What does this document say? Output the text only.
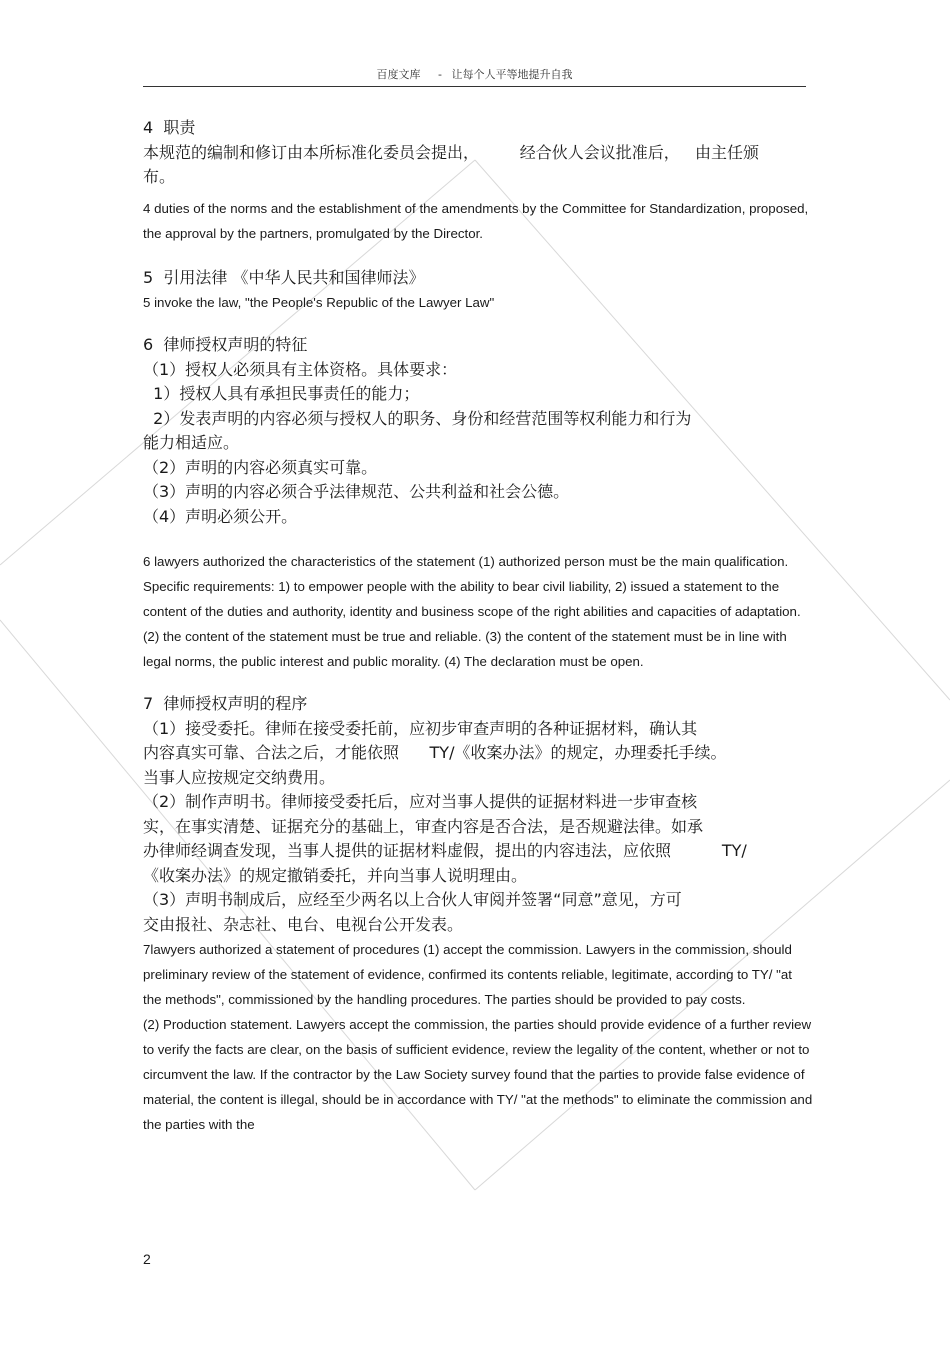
百度文库 - 让每个人平等地提升自我

4  职责

本规范的编制和修订由本所标准化委员会提出，        经合伙人会议批准后，   由主任颁

布。

4 duties of the norms and the establishment of the amendments by the Committee for Standardization, proposed, the approval by the partners, promulgated by the Director.

5  引用法律 《中华人民共和国律师法》

5 invoke the law, "the People's Republic of the Lawyer Law"

6  律师授权声明的特征

（1）授权人必须具有主体资格。具体要求：

1）授权人具有承担民事责任的能力；

2）发表声明的内容必须与授权人的职务、身份和经营范围等权利能力和行为

能力相适应。

（2）声明的内容必须真实可靠。

（3）声明的内容必须合乎法律规范、公共利益和社会公德。

（4）声明必须公开。

6 lawyers authorized the characteristics of the statement (1) authorized person must be the main qualification. Specific requirements: 1) to empower people with the ability to bear civil liability, 2) issued a statement to the content of the duties and authority, identity and business scope of the right abilities and capacities of adaptation. (2) the content of the statement must be true and reliable. (3) the content of the statement must be in line with legal norms, the public interest and public morality. (4) The declaration must be open.

7  律师授权声明的程序

（1）接受委托。律师在接受委托前，应初步审查声明的各种证据材料，确认其

内容真实可靠、合法之后，才能依照      TY/《收案办法》的规定，办理委托手续。

当事人应按规定交纳费用。

（2）制作声明书。律师接受委托后，应对当事人提供的证据材料进一步审查核

实，在事实清楚、证据充分的基础上，审查内容是否合法，是否规避法律。如承

办律师经调查发现，当事人提供的证据材料虚假，提出的内容违法，应依照          TY/

《收案办法》的规定撤销委托，并向当事人说明理由。

（3）声明书制成后，应经至少两名以上合伙人审阅并签署“同意”意见，方可

交由报社、杂志社、电台、电视台公开发表。

7lawyers authorized a statement of procedures (1) accept the commission. Lawyers in the commission, should preliminary review of the statement of evidence, confirmed its contents reliable, legitimate, according to TY/ "at the methods", commissioned by the handling procedures. The parties should be provided to pay costs.

(2) Production statement. Lawyers accept the commission, the parties should provide evidence of a further review to verify the facts are clear, on the basis of sufficient evidence, review the legality of the content, whether or not to circumvent the law. If the contractor by the Law Society survey found that the parties to provide false evidence of material, the content is illegal, should be in accordance with TY/ "at the methods" to eliminate the commission and the parties with the

2
